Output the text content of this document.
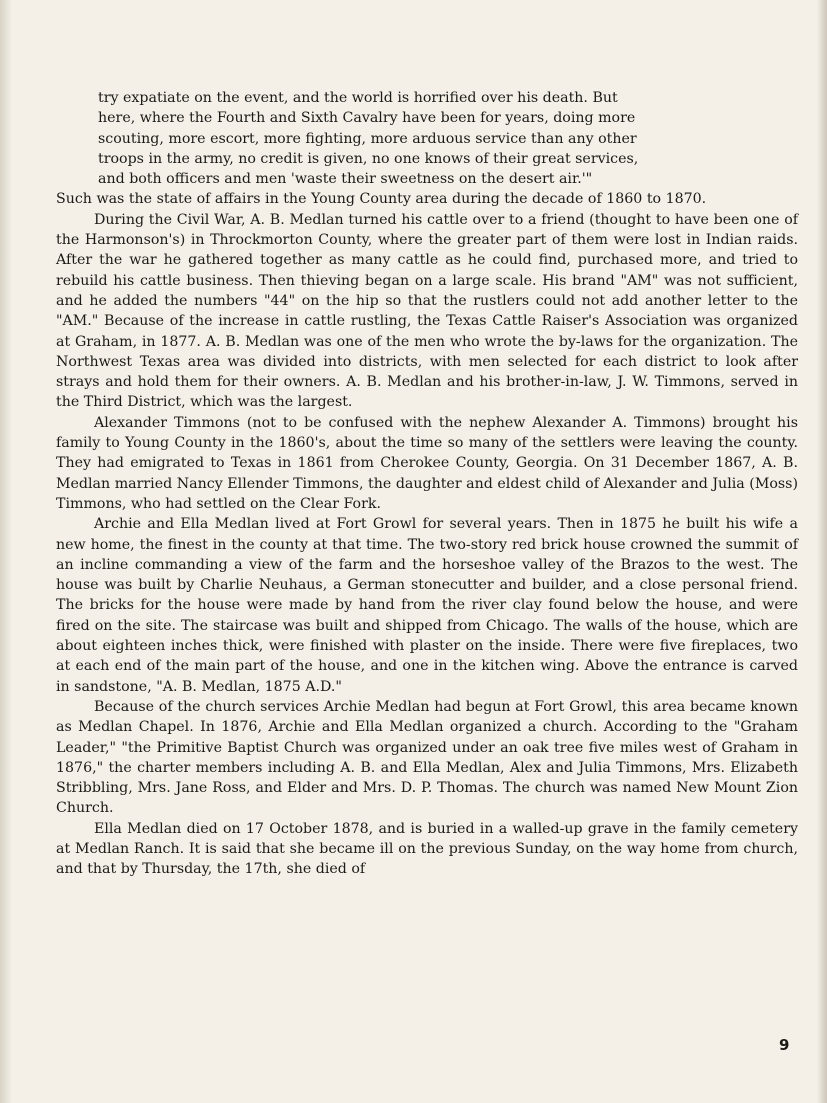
try expatiate on the event, and the world is horrified over his death. But
here, where the Fourth and Sixth Cavalry have been for years, doing more
scouting, more escort, more fighting, more arduous service than any other
troops in the army, no credit is given, no one knows of their great services,
and both officers and men 'waste their sweetness on the desert air.'"

Such was the state of affairs in the Young County area during the decade of 1860 to 1870.

During the Civil War, A. B. Medlan turned his cattle over to a friend (thought to have been one of the Harmonson's) in Throckmorton County, where the greater part of them were lost in Indian raids. After the war he gathered together as many cattle as he could find, purchased more, and tried to rebuild his cattle business. Then thieving began on a large scale. His brand "AM" was not sufficient, and he added the numbers "44" on the hip so that the rustlers could not add another letter to the "AM." Because of the increase in cattle rustling, the Texas Cattle Raiser's Association was organized at Graham, in 1877. A. B. Medlan was one of the men who wrote the by-laws for the organization. The Northwest Texas area was divided into districts, with men selected for each district to look after strays and hold them for their owners. A. B. Medlan and his brother-in-law, J. W. Timmons, served in the Third District, which was the largest.

Alexander Timmons (not to be confused with the nephew Alexander A. Timmons) brought his family to Young County in the 1860's, about the time so many of the settlers were leaving the county. They had emigrated to Texas in 1861 from Cherokee County, Georgia. On 31 December 1867, A. B. Medlan married Nancy Ellender Timmons, the daughter and eldest child of Alexander and Julia (Moss) Timmons, who had settled on the Clear Fork.

Archie and Ella Medlan lived at Fort Growl for several years. Then in 1875 he built his wife a new home, the finest in the county at that time. The two-story red brick house crowned the summit of an incline commanding a view of the farm and the horseshoe valley of the Brazos to the west. The house was built by Charlie Neuhaus, a German stonecutter and builder, and a close personal friend. The bricks for the house were made by hand from the river clay found below the house, and were fired on the site. The staircase was built and shipped from Chicago. The walls of the house, which are about eighteen inches thick, were finished with plaster on the inside. There were five fireplaces, two at each end of the main part of the house, and one in the kitchen wing. Above the entrance is carved in sandstone, "A. B. Medlan, 1875 A.D."

Because of the church services Archie Medlan had begun at Fort Growl, this area became known as Medlan Chapel. In 1876, Archie and Ella Medlan organized a church. According to the "Graham Leader," "the Primitive Baptist Church was organized under an oak tree five miles west of Graham in 1876," the charter members including A. B. and Ella Medlan, Alex and Julia Timmons, Mrs. Elizabeth Stribbling, Mrs. Jane Ross, and Elder and Mrs. D. P. Thomas. The church was named New Mount Zion Church.

Ella Medlan died on 17 October 1878, and is buried in a walled-up grave in the family cemetery at Medlan Ranch. It is said that she became ill on the previous Sunday, on the way home from church, and that by Thursday, the 17th, she died of

9
